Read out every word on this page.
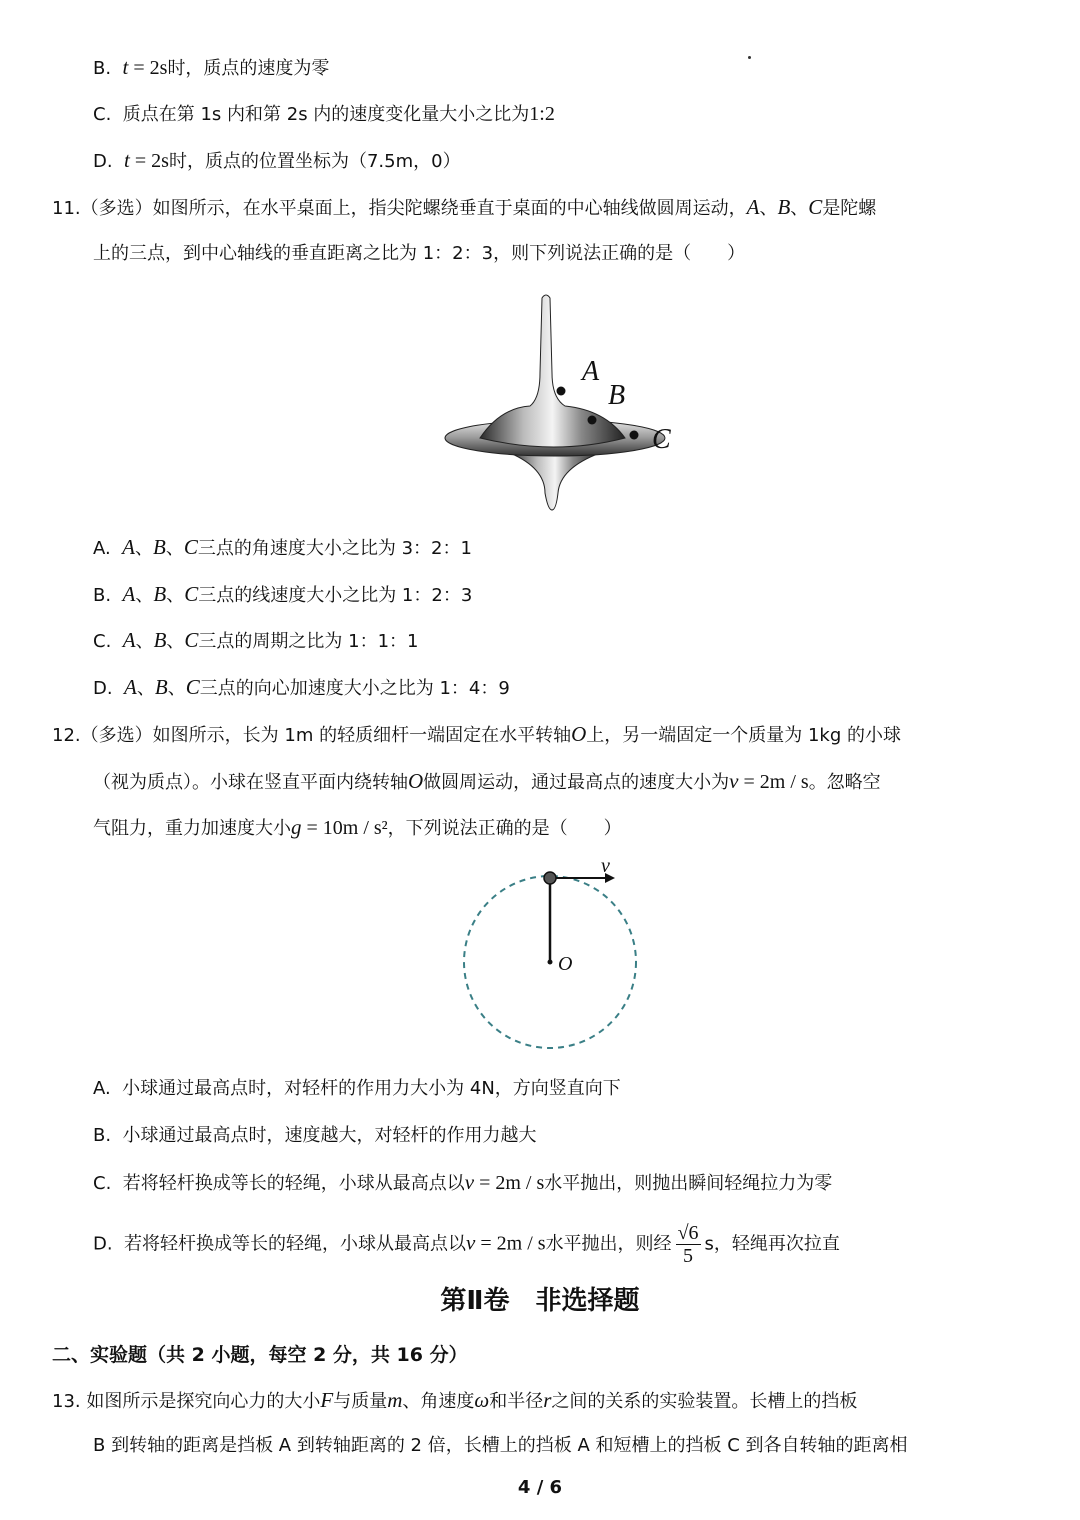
B. t = 2s时，质点的速度为零
C. 质点在第 1s 内和第 2s 内的速度变化量大小之比为1:2
D. t = 2s时，质点的位置坐标为（7.5m，0）
11.（多选）如图所示，在水平桌面上，指尖陀螺绕垂直于桌面的中心轴线做圆周运动，A、B、C是陀螺
上的三点，到中心轴线的垂直距离之比为 1：2：3，则下列说法正确的是（　　）
A
B
C
A. A、B、C三点的角速度大小之比为 3：2：1
B. A、B、C三点的线速度大小之比为 1：2：3
C. A、B、C三点的周期之比为 1：1：1
D. A、B、C三点的向心加速度大小之比为 1：4：9
12.（多选）如图所示，长为 1m 的轻质细杆一端固定在水平转轴O上，另一端固定一个质量为 1kg 的小球
（视为质点）。小球在竖直平面内绕转轴O做圆周运动，通过最高点的速度大小为v = 2m / s。忽略空
气阻力，重力加速度大小g = 10m / s²，下列说法正确的是（　　）
v
O
A. 小球通过最高点时，对轻杆的作用力大小为 4N，方向竖直向下
B. 小球通过最高点时，速度越大，对轻杆的作用力越大
C. 若将轻杆换成等长的轻绳，小球从最高点以v = 2m / s水平抛出，则抛出瞬间轻绳拉力为零
D. 若将轻杆换成等长的轻绳，小球从最高点以v = 2m / s水平抛出，则经 $\frac{√6}{5}$ s，轻绳再次拉直
第Ⅱ卷　非选择题
二、实验题（共 2 小题，每空 2 分，共 16 分）
13. 如图所示是探究向心力的大小F与质量m、角速度ω和半径r之间的关系的实验装置。长槽上的挡板
B 到转轴的距离是挡板 A 到转轴距离的 2 倍，长槽上的挡板 A 和短槽上的挡板 C 到各自转轴的距离相
4 / 6
